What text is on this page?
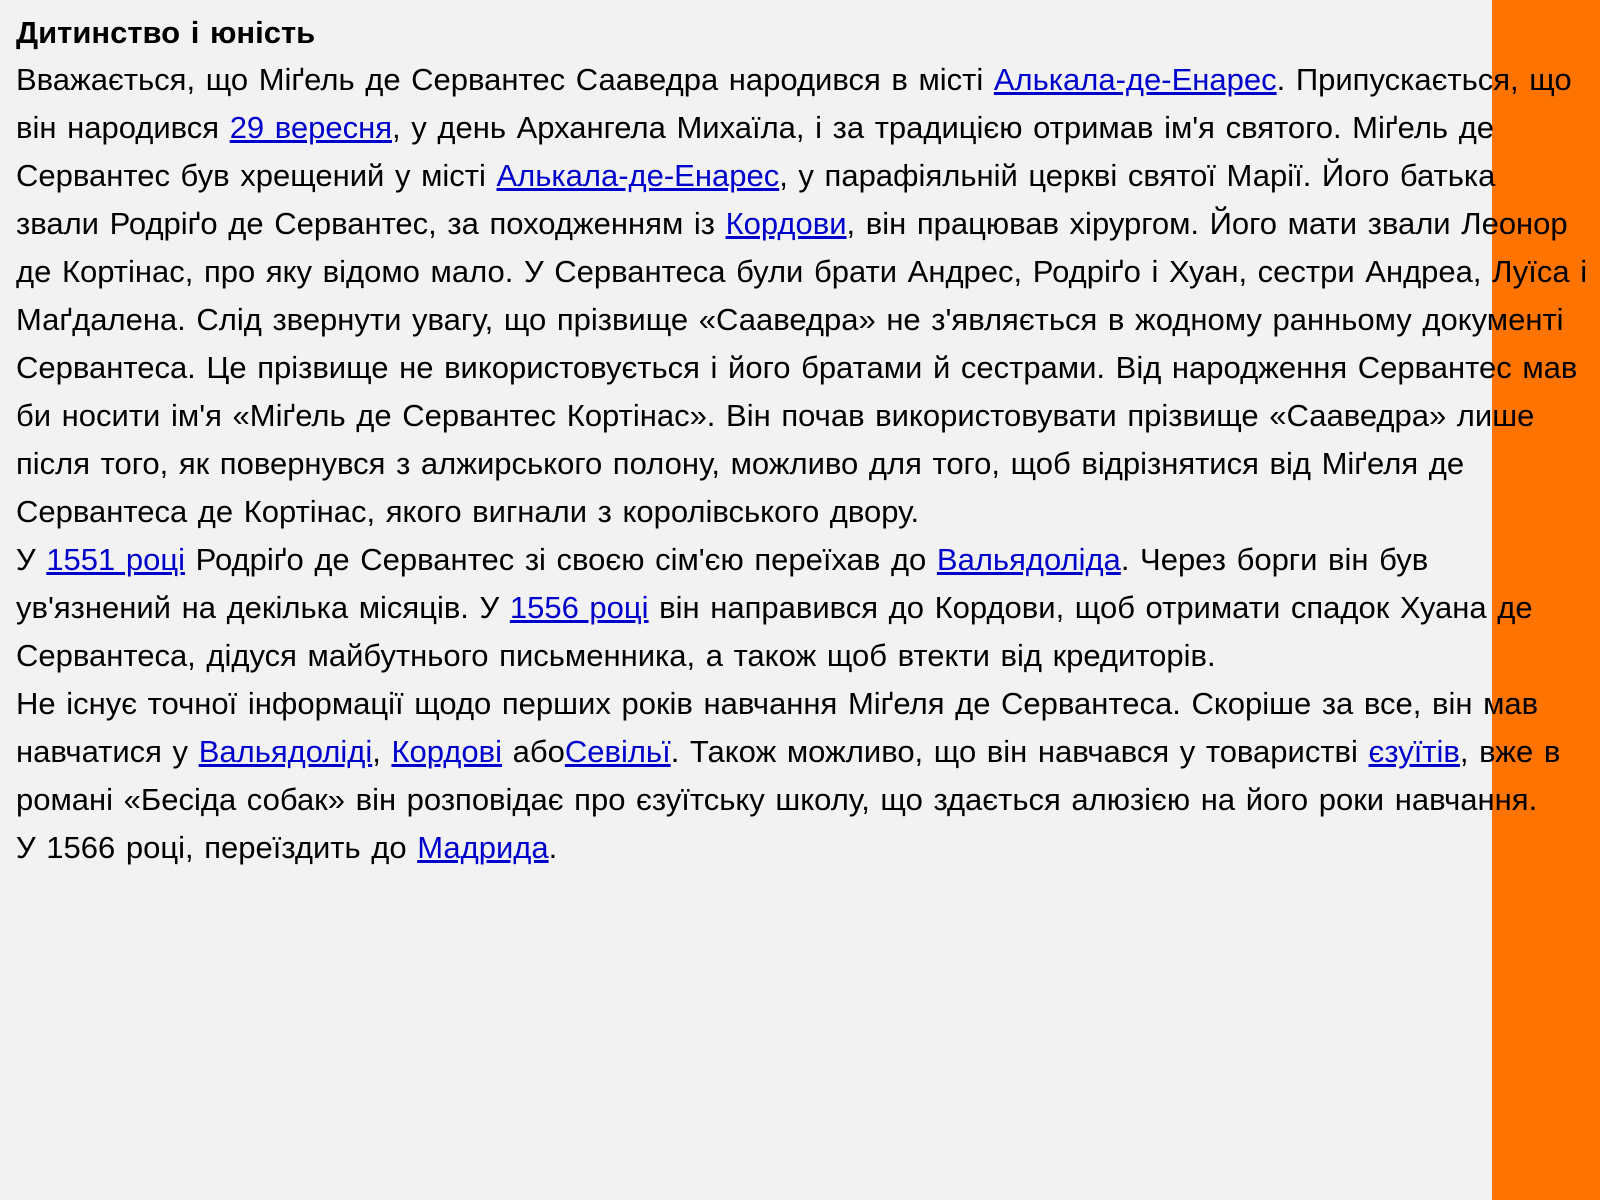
Дитинство і юність

Вважається, що Міґель де Сервантес Сааведра народився в місті Алькала-де-Енарес. Припускається, що він народився 29 вересня, у день Архангела Михаїла, і за традицією отримав ім'я святого. Міґель де Сервантес був хрещений у місті Алькала-де-Енарес, у парафіяльній церкві святої Марії. Його батька звали Родріґо де Сервантес, за походженням із Кордови, він працював хірургом. Його мати звали Леонор де Кортінас, про яку відомо мало. У Сервантеса були брати Андрес, Родріґо і Хуан, сестри Андреа, Луїса і Маґдалена. Слід звернути увагу, що прізвище «Сааведра» не з'являється в жодному ранньому документі Сервантеса. Це прізвище не використовується і його братами й сестрами. Від народження Сервантес мав би носити ім'я «Міґель де Сервантес Кортінас». Він почав використовувати прізвище «Сааведра» лише після того, як повернувся з алжирського полону, можливо для того, щоб відрізнятися від Міґеля де Сервантеса де Кортінас, якого вигнали з королівського двору.

У 1551 році Родріґо де Сервантес зі своєю сім'єю переїхав до Вальядоліда. Через борги він був ув'язнений на декілька місяців. У 1556 році він направився до Кордови, щоб отримати спадок Хуана де Сервантеса, дідуся майбутнього письменника, а також щоб втекти від кредиторів.

Не існує точної інформації щодо перших років навчання Міґеля де Сервантеса. Скоріше за все, він мав навчатися у Вальядоліді, Кордові абоСевільї. Також можливо, що він навчався у товаристві єзуїтів, вже в романі «Бесіда собак» він розповідає про єзуїтську школу, що здається алюзією на його роки навчання.

У 1566 році, переїздить до Мадрида.
